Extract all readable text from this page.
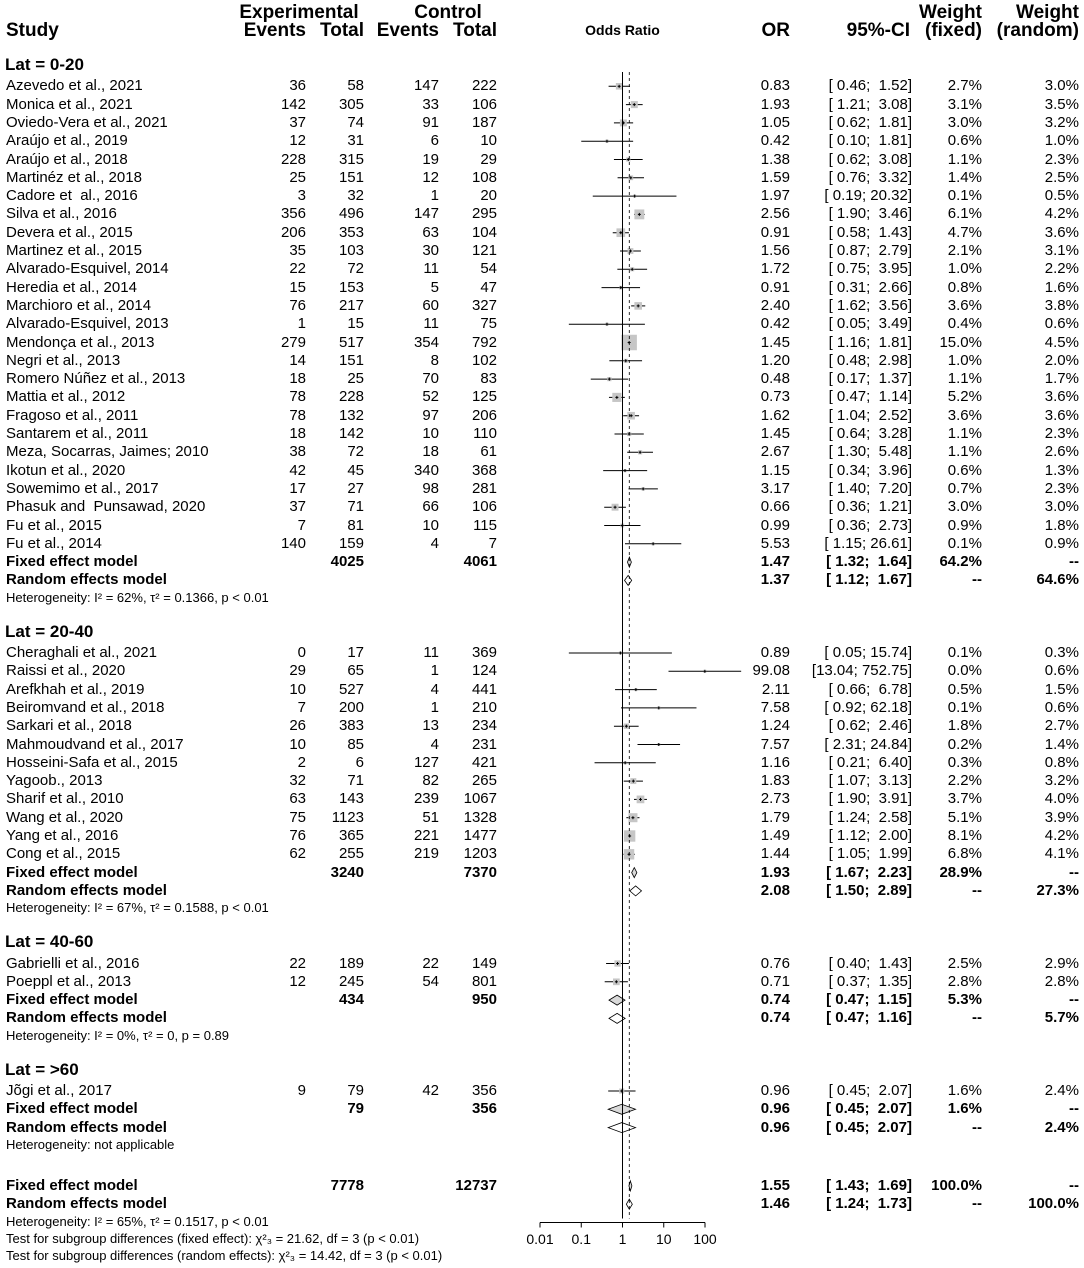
Study
Experimental	Control
Events Total Events Total	Odds Ratio	OR	95%-CI
Weight
(fixed)
Weight
(random)
Lat = 0-20
Azevedo et al., 2021	36	58	147	222	0.83	[ 0.46;  1.52]	2.7%	3.0%
Monica et al., 2021	142	305	33	106	1.93	[ 1.21;  3.08]	3.1%	3.5%
Oviedo-Vera et al., 2021	37	74	91	187	1.05	[ 0.62;  1.81]	3.0%	3.2%
Araújo et al., 2019	12	31	6	10	0.42	[ 0.10;  1.81]	0.6%	1.0%
Araújo et al., 2018	228	315	19	29	1.38	[ 0.62;  3.08]	1.1%	2.3%
Martinéz et al., 2018	25	151	12	108	1.59	[ 0.76;  3.32]	1.4%	2.5%
Cadore et  al., 2016	3	32	1	20	1.97	[ 0.19; 20.32]	0.1%	0.5%
Silva et al., 2016	356	496	147	295	2.56	[ 1.90;  3.46]	6.1%	4.2%
Devera et al., 2015	206	353	63	104	0.91	[ 0.58;  1.43]	4.7%	3.6%
Martinez et al., 2015	35	103	30	121	1.56	[ 0.87;  2.79]	2.1%	3.1%
Alvarado-Esquivel, 2014	22	72	11	54	1.72	[ 0.75;  3.95]	1.0%	2.2%
Heredia et al., 2014	15	153	5	47	0.91	[ 0.31;  2.66]	0.8%	1.6%
Marchioro et al., 2014	76	217	60	327	2.40	[ 1.62;  3.56]	3.6%	3.8%
Alvarado-Esquivel, 2013	1	15	11	75	0.42	[ 0.05;  3.49]	0.4%	0.6%
Mendonça et al., 2013	279	517	354	792	1.45	[ 1.16;  1.81]	15.0%	4.5%
Negri et al., 2013	14	151	8	102	1.20	[ 0.48;  2.98]	1.0%	2.0%
Romero Núñez et al., 2013	18	25	70	83	0.48	[ 0.17;  1.37]	1.1%	1.7%
Mattia et al., 2012	78	228	52	125	0.73	[ 0.47;  1.14]	5.2%	3.6%
Fragoso et al., 2011	78	132	97	206	1.62	[ 1.04;  2.52]	3.6%	3.6%
Santarem et al., 2011	18	142	10	110	1.45	[ 0.64;  3.28]	1.1%	2.3%
Meza, Socarras, Jaimes; 2010	38	72	18	61	2.67	[ 1.30;  5.48]	1.1%	2.6%
Ikotun et al., 2020	42	45	340	368	1.15	[ 0.34;  3.96]	0.6%	1.3%
Sowemimo et al., 2017	17	27	98	281	3.17	[ 1.40;  7.20]	0.7%	2.3%
Phasuk and  Punsawad, 2020	37	71	66	106	0.66	[ 0.36;  1.21]	3.0%	3.0%
Fu et al., 2015	7	81	10	115	0.99	[ 0.36;  2.73]	0.9%	1.8%
Fu et al., 2014	140	159	4	7	5.53	[ 1.15; 26.61]	0.1%	0.9%
Fixed effect model	4025	4061	1.47	[ 1.32;  1.64]	64.2%	--
Random effects model	1.37	[ 1.12;  1.67]	--	64.6%
Heterogeneity: I² = 62%, τ² = 0.1366, p < 0.01
Lat = 20-40
Cheraghali et al., 2021	0	17	11	369	0.89	[ 0.05; 15.74]	0.1%	0.3%
Raissi et al., 2020	29	65	1	124	99.08	[13.04; 752.75]	0.0%	0.6%
Arefkhah et al., 2019	10	527	4	441	2.11	[ 0.66;  6.78]	0.5%	1.5%
Beiromvand et al., 2018	7	200	1	210	7.58	[ 0.92; 62.18]	0.1%	0.6%
Sarkari et al., 2018	26	383	13	234	1.24	[ 0.62;  2.46]	1.8%	2.7%
Mahmoudvand et al., 2017	10	85	4	231	7.57	[ 2.31; 24.84]	0.2%	1.4%
Hosseini-Safa et al., 2015	2	6	127	421	1.16	[ 0.21;  6.40]	0.3%	0.8%
Yagoob., 2013	32	71	82	265	1.83	[ 1.07;  3.13]	2.2%	3.2%
Sharif et al., 2010	63	143	239	1067	2.73	[ 1.90;  3.91]	3.7%	4.0%
Wang et al., 2020	75	1123	51	1328	1.79	[ 1.24;  2.58]	5.1%	3.9%
Yang et al., 2016	76	365	221	1477	1.49	[ 1.12;  2.00]	8.1%	4.2%
Cong et al., 2015	62	255	219	1203	1.44	[ 1.05;  1.99]	6.8%	4.1%
Fixed effect model	3240	7370	1.93	[ 1.67;  2.23]	28.9%	--
Random effects model	2.08	[ 1.50;  2.89]	--	27.3%
Heterogeneity: I² = 67%, τ² = 0.1588, p < 0.01
Lat = 40-60
Gabrielli et al., 2016	22	189	22	149	0.76	[ 0.40;  1.43]	2.5%	2.9%
Poeppl et al., 2013	12	245	54	801	0.71	[ 0.37;  1.35]	2.8%	2.8%
Fixed effect model	434	950	0.74	[ 0.47;  1.15]	5.3%	--
Random effects model	0.74	[ 0.47;  1.16]	--	5.7%
Heterogeneity: I² = 0%, τ² = 0, p = 0.89
Lat = >60
Jõgi et al., 2017	9	79	42	356	0.96	[ 0.45;  2.07]	1.6%	2.4%
Fixed effect model	79	356	0.96	[ 0.45;  2.07]	1.6%	--
Random effects model	0.96	[ 0.45;  2.07]	--	2.4%
Heterogeneity: not applicable
Fixed effect model	7778	12737	1.55	[ 1.43;  1.69]	100.0%	--
Random effects model	1.46	[ 1.24;  1.73]	--	100.0%
Heterogeneity: I² = 65%, τ² = 0.1517, p < 0.01
Test for subgroup differences (fixed effect): χ²₃ = 21.62, df = 3 (p < 0.01)
Test for subgroup differences (random effects): χ²₃ = 14.42, df = 3 (p < 0.01)
0.01	0.1	1	10	100
